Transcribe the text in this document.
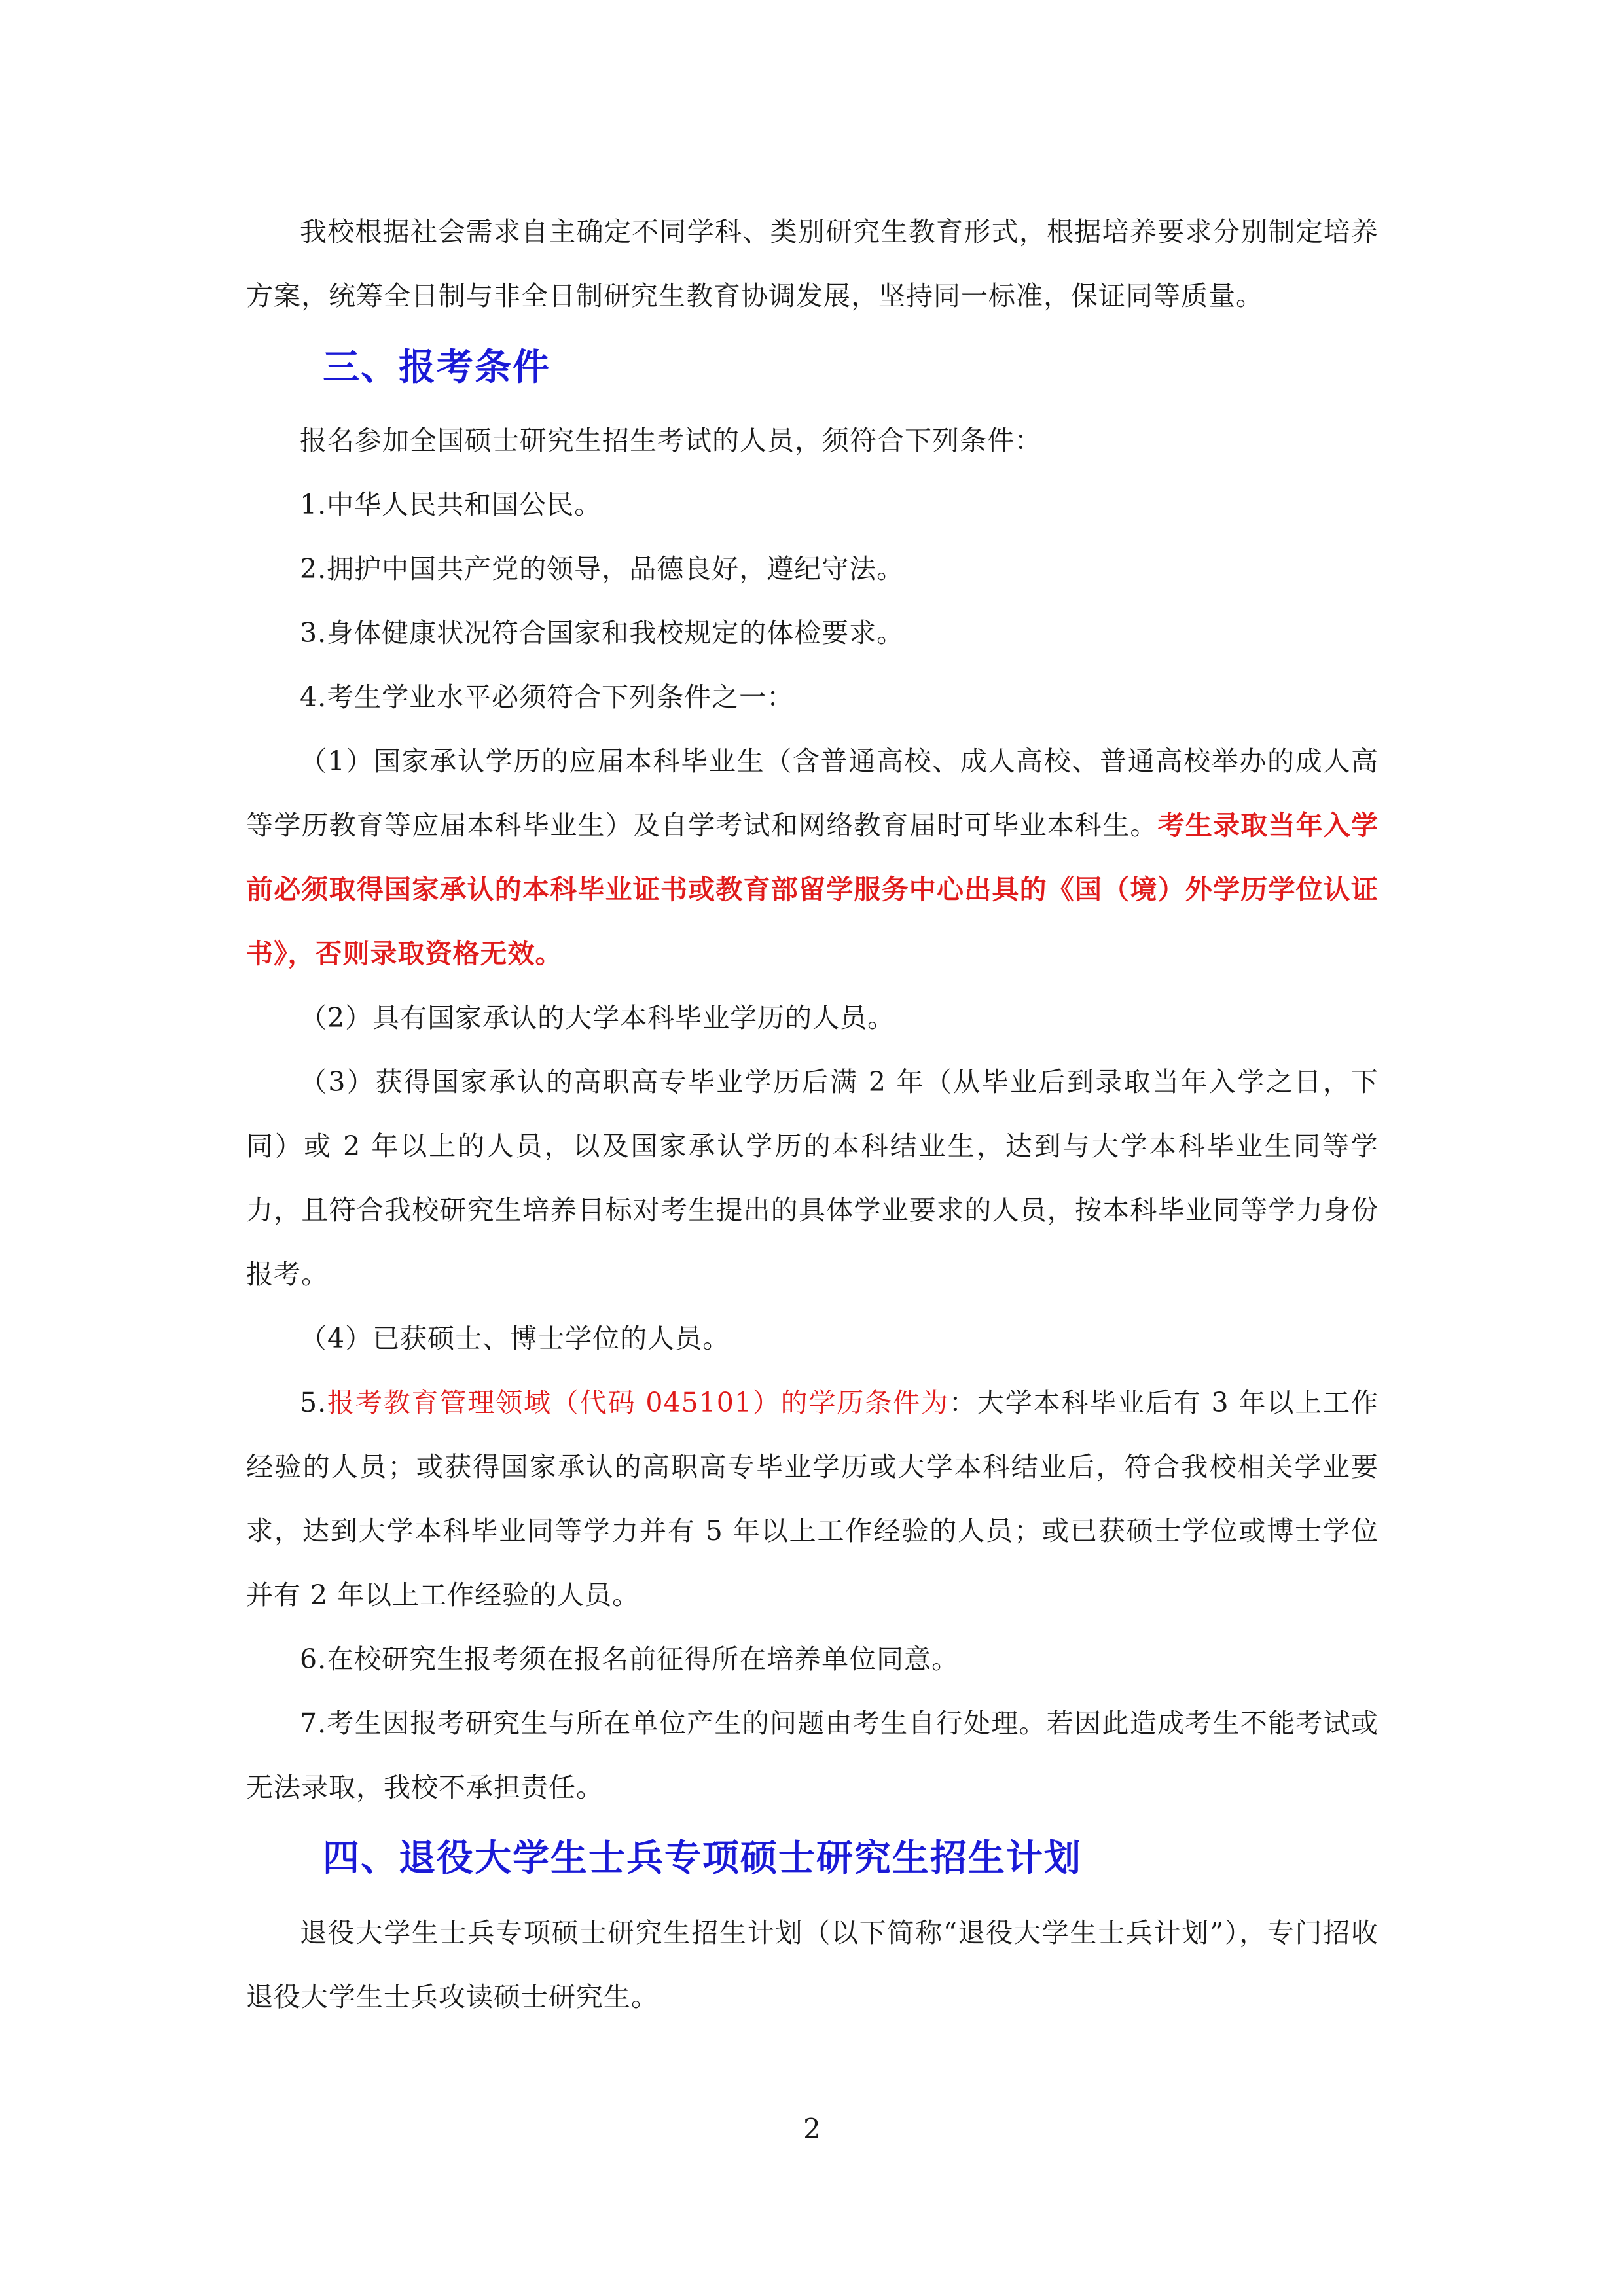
我校根据社会需求自主确定不同学科、类别研究生教育形式，根据培养要求分别制定培养方案，统筹全日制与非全日制研究生教育协调发展，坚持同一标准，保证同等质量。

三、报考条件

报名参加全国硕士研究生招生考试的人员，须符合下列条件：

1.中华人民共和国公民。

2.拥护中国共产党的领导，品德良好，遵纪守法。

3.身体健康状况符合国家和我校规定的体检要求。

4.考生学业水平必须符合下列条件之一：

（1）国家承认学历的应届本科毕业生（含普通高校、成人高校、普通高校举办的成人高等学历教育等应届本科毕业生）及自学考试和网络教育届时可毕业本科生。考生录取当年入学前必须取得国家承认的本科毕业证书或教育部留学服务中心出具的《国（境）外学历学位认证书》，否则录取资格无效。

（2）具有国家承认的大学本科毕业学历的人员。

（3）获得国家承认的高职高专毕业学历后满 2 年（从毕业后到录取当年入学之日，下同）或 2 年以上的人员，以及国家承认学历的本科结业生，达到与大学本科毕业生同等学力，且符合我校研究生培养目标对考生提出的具体学业要求的人员，按本科毕业同等学力身份报考。

（4）已获硕士、博士学位的人员。

5.报考教育管理领域（代码 045101）的学历条件为：大学本科毕业后有 3 年以上工作经验的人员；或获得国家承认的高职高专毕业学历或大学本科结业后，符合我校相关学业要求，达到大学本科毕业同等学力并有 5 年以上工作经验的人员；或已获硕士学位或博士学位并有 2 年以上工作经验的人员。

6.在校研究生报考须在报名前征得所在培养单位同意。

7.考生因报考研究生与所在单位产生的问题由考生自行处理。若因此造成考生不能考试或无法录取，我校不承担责任。

四、退役大学生士兵专项硕士研究生招生计划

退役大学生士兵专项硕士研究生招生计划（以下简称“退役大学生士兵计划”），专门招收退役大学生士兵攻读硕士研究生。

2
